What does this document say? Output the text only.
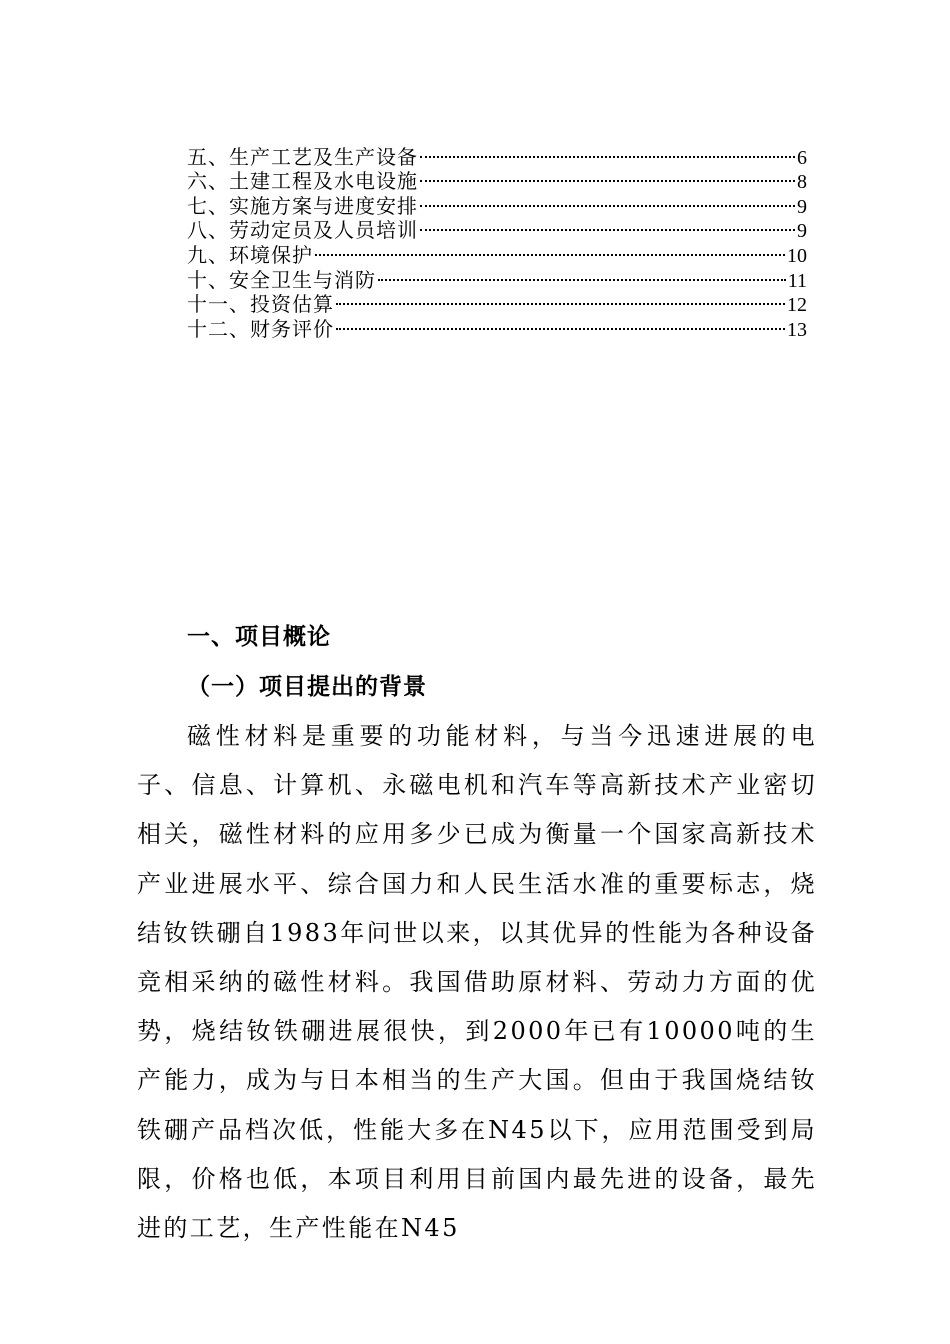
五、生产工艺及生产设备	6
六、土建工程及水电设施	8
七、实施方案与进度安排	9
八、劳动定员及人员培训	9
九、环境保护	10
十、安全卫生与消防	11
十一、投资估算	12
十二、财务评价	13
一、项目概论
（一）项目提出的背景

磁性材料是重要的功能材料，与当今迅速进展的电子、信息、计算机、永磁电机和汽车等高新技术产业密切相关，磁性材料的应用多少已成为衡量一个国家高新技术产业进展水平、综合国力和人民生活水准的重要标志，烧结钕铁硼自1983年问世以来，以其优异的性能为各种设备竞相采纳的磁性材料。我国借助原材料、劳动力方面的优势，烧结钕铁硼进展很快，到2000年已有10000吨的生产能力，成为与日本相当的生产大国。但由于我国烧结钕铁硼产品档次低，性能大多在N45以下，应用范围受到局限，价格也低，本项目利用目前国内最先进的设备，最先进的工艺，生产性能在N45
